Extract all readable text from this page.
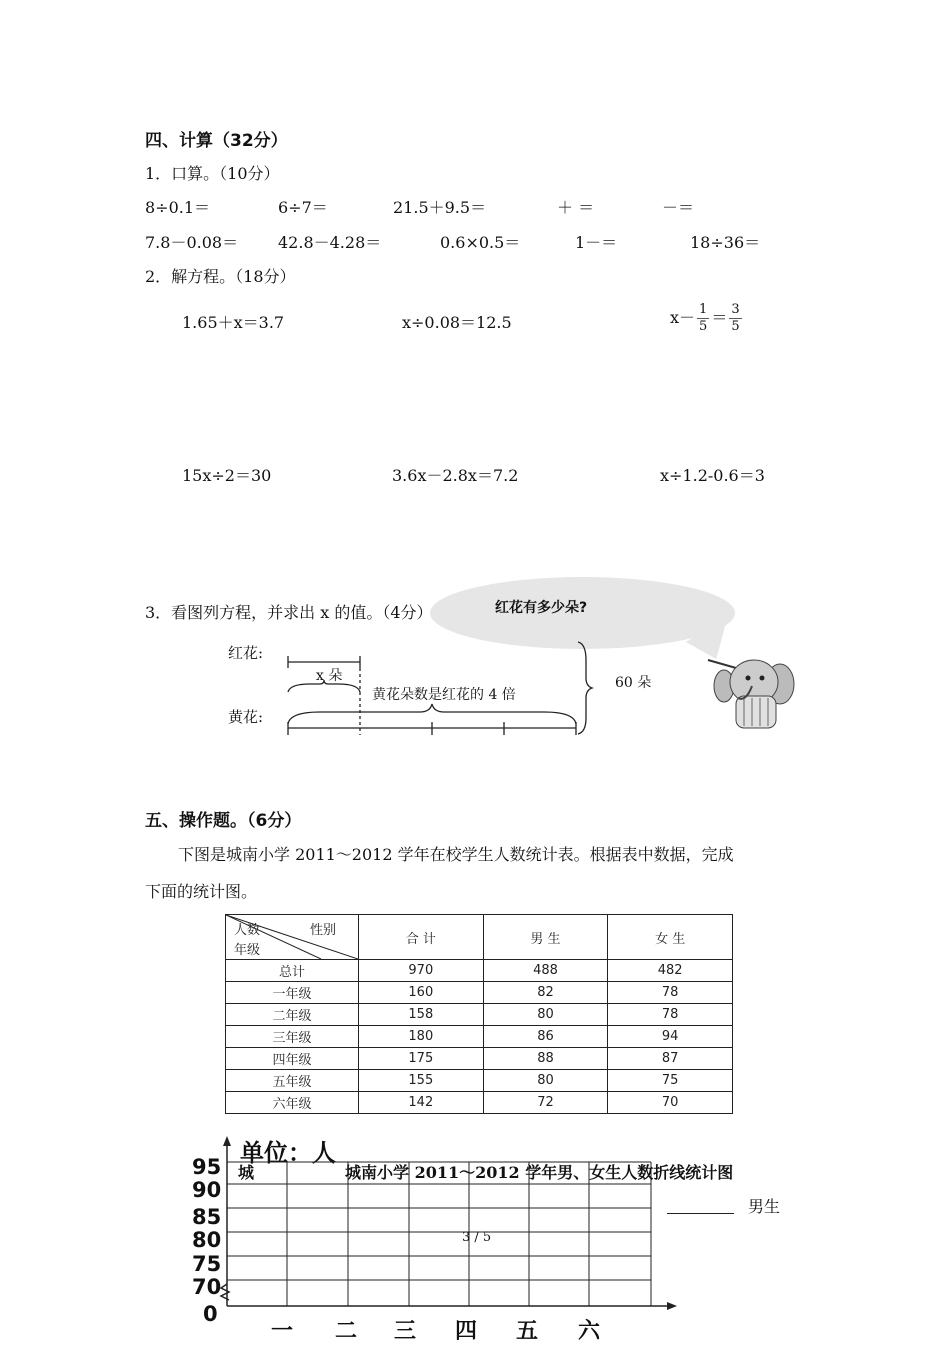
四、计算（32分）
1．口算。（10分）
8÷0.1＝	6÷7＝	21.5＋9.5＝	＋ ＝	－＝
7.8－0.08＝ 42.8－4.28＝	0.6×0.5＝	1－＝	18÷36＝
2．解方程。（18分）
1.65＋x＝3.7	x÷0.08＝12.5	$x- \frac{1}{5} = \frac{3}{5}$
15x÷2＝30	3.6x－2.8x＝7.2	x÷1.2-0.6＝3
红花有多少朵?
3．看图列方程，并求出 x 的值。（4分）
红花:
黄花:
x 朵
黄花朵数是红花的 4 倍
60 朵
五、操作题。（6分）
下图是城南小学 2011～2012 学年在校学生人数统计表。根据表中数据，完成
下面的统计图。
人数 性别
年级	合 计	男 生	女 生
总计	970	488	482
一年级	160	82	78
二年级	158	80	78
三年级	180	86	94
四年级	175	88	87
五年级	155	80	75
六年级	142	72	70
单位：人
95
90
85
80
75
70
0
城	城南小学 2011～2012 学年男、女生人数折线统计图
男生
3 / 5
一 二 三 四 五 六
